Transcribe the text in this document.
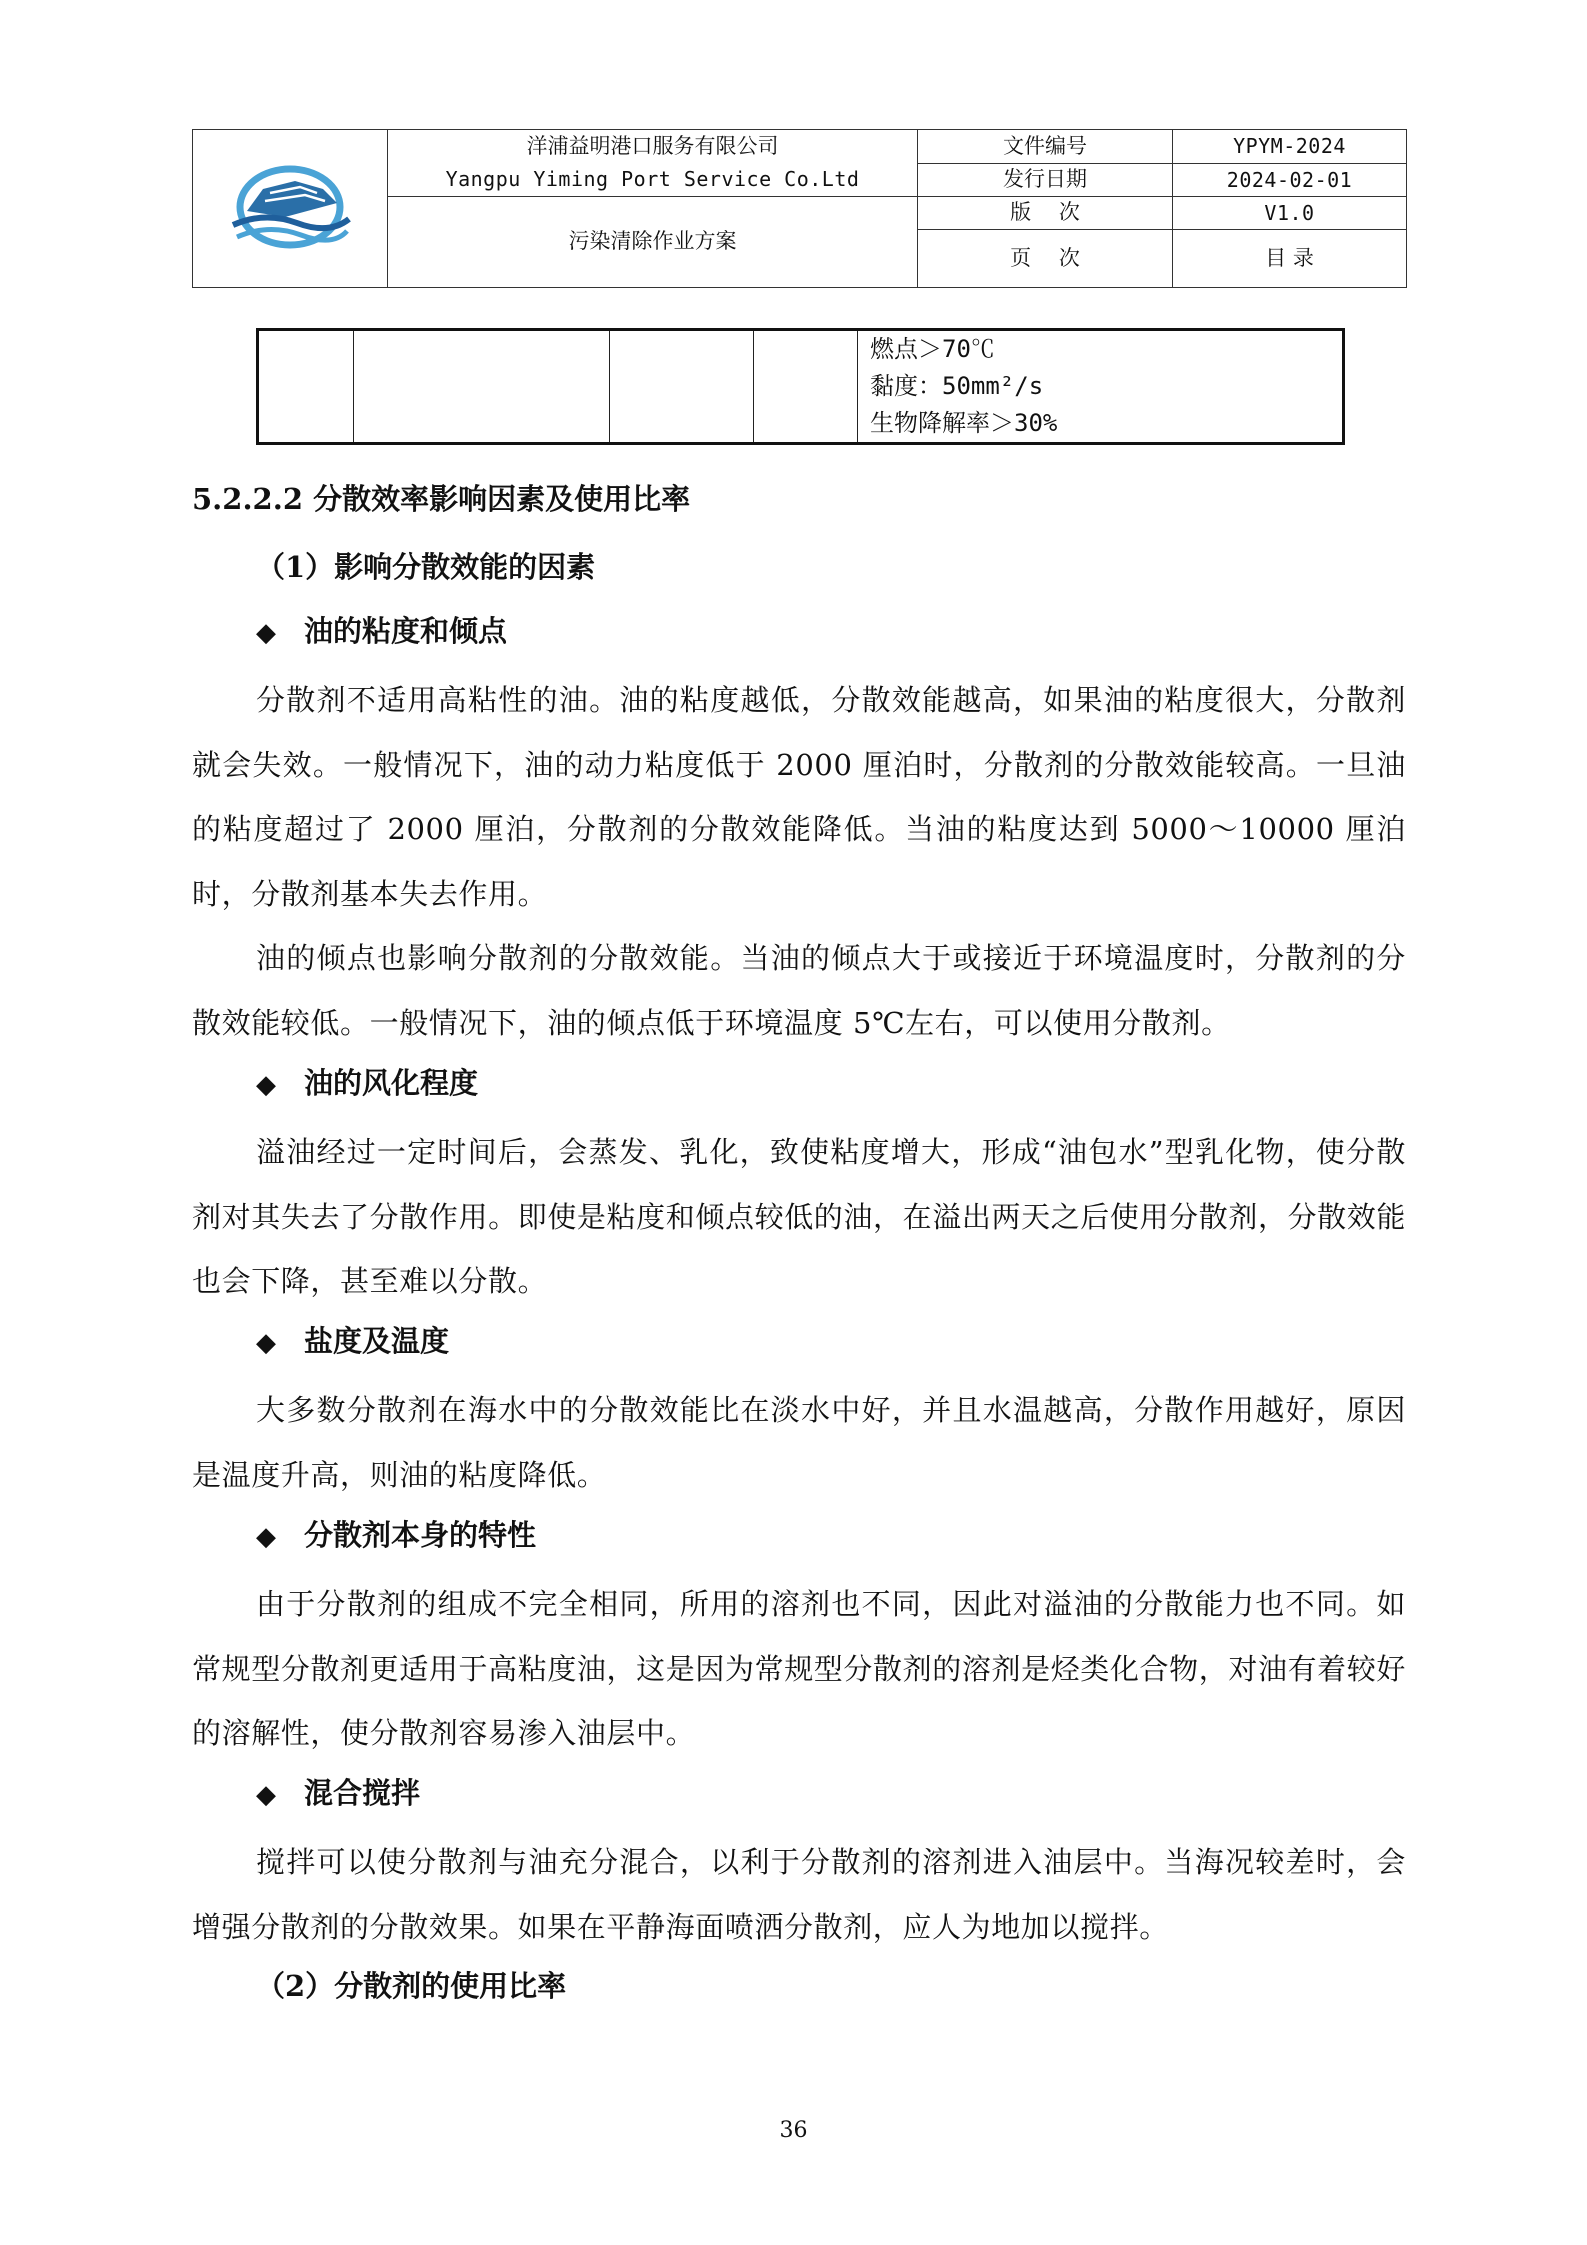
洋浦益明港口服务有限公司
Yangpu Yiming Port Service Co.Ltd	文件编号	YPYM-2024
		发行日期	2024-02-01
	污染清除作业方案	版　 次	V1.0
		页　 次	目 录

燃点＞70℃
黏度：50mm²/s
生物降解率＞30%
5.2.2.2 分散效率影响因素及使用比率
（1）影响分散效能的因素
◆ 油的粘度和倾点

分散剂不适用高粘性的油。油的粘度越低，分散效能越高，如果油的粘度很大，分散剂就会失效。一般情况下，油的动力粘度低于 2000 厘泊时，分散剂的分散效能较高。一旦油的粘度超过了 2000 厘泊，分散剂的分散效能降低。当油的粘度达到 5000～10000 厘泊时，分散剂基本失去作用。

油的倾点也影响分散剂的分散效能。当油的倾点大于或接近于环境温度时，分散剂的分散效能较低。一般情况下，油的倾点低于环境温度 5℃左右，可以使用分散剂。

◆ 油的风化程度

溢油经过一定时间后，会蒸发、乳化，致使粘度增大，形成“油包水”型乳化物，使分散剂对其失去了分散作用。即使是粘度和倾点较低的油，在溢出两天之后使用分散剂，分散效能也会下降，甚至难以分散。

◆ 盐度及温度

大多数分散剂在海水中的分散效能比在淡水中好，并且水温越高，分散作用越好，原因是温度升高，则油的粘度降低。

◆ 分散剂本身的特性

由于分散剂的组成不完全相同，所用的溶剂也不同，因此对溢油的分散能力也不同。如常规型分散剂更适用于高粘度油，这是因为常规型分散剂的溶剂是烃类化合物，对油有着较好的溶解性，使分散剂容易渗入油层中。

◆ 混合搅拌

搅拌可以使分散剂与油充分混合，以利于分散剂的溶剂进入油层中。当海况较差时，会增强分散剂的分散效果。如果在平静海面喷洒分散剂，应人为地加以搅拌。

（2）分散剂的使用比率
36
